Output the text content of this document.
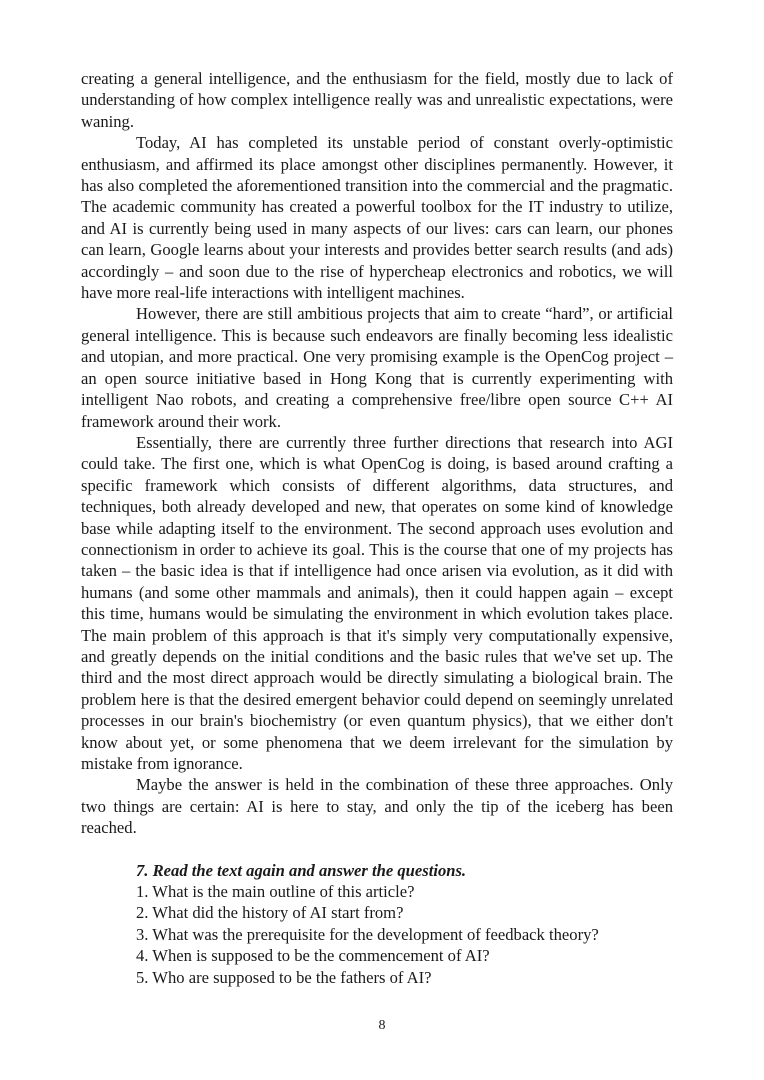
creating a general intelligence, and the enthusiasm for the field, mostly due to lack of understanding of how complex intelligence really was and unrealistic expectations, were waning.

Today, AI has completed its unstable period of constant overly-optimistic enthusiasm, and affirmed its place amongst other disciplines permanently. However, it has also completed the aforementioned transition into the commercial and the pragmatic. The academic community has created a powerful toolbox for the IT industry to utilize, and AI is currently being used in many aspects of our lives: cars can learn, our phones can learn, Google learns about your interests and provides better search results (and ads) accordingly – and soon due to the rise of hypercheap electronics and robotics, we will have more real-life interactions with intelligent machines.

However, there are still ambitious projects that aim to create “hard”, or artificial general intelligence. This is because such endeavors are finally becoming less idealistic and utopian, and more practical. One very promising example is the OpenCog project – an open source initiative based in Hong Kong that is currently experimenting with intelligent Nao robots, and creating a comprehensive free/libre open source C++ AI framework around their work.

Essentially, there are currently three further directions that research into AGI could take. The first one, which is what OpenCog is doing, is based around crafting a specific framework which consists of different algorithms, data structures, and techniques, both already developed and new, that operates on some kind of knowledge base while adapting itself to the environment. The second approach uses evolution and connectionism in order to achieve its goal. This is the course that one of my projects has taken – the basic idea is that if intelligence had once arisen via evolution, as it did with humans (and some other mammals and animals), then it could happen again – except this time, humans would be simulating the environment in which evolution takes place. The main problem of this approach is that it's simply very computationally expensive, and greatly depends on the initial conditions and the basic rules that we've set up. The third and the most direct approach would be directly simulating a biological brain. The problem here is that the desired emergent behavior could depend on seemingly unrelated processes in our brain's biochemistry (or even quantum physics), that we either don't know about yet, or some phenomena that we deem irrelevant for the simulation by mistake from ignorance.

Maybe the answer is held in the combination of these three approaches. Only two things are certain: AI is here to stay, and only the tip of the iceberg has been reached.

7. Read the text again and answer the questions.

1. What is the main outline of this article?
2. What did the history of AI start from?
3. What was the prerequisite for the development of feedback theory?
4. When is supposed to be the commencement of AI?
5. Who are supposed to be the fathers of AI?
8
